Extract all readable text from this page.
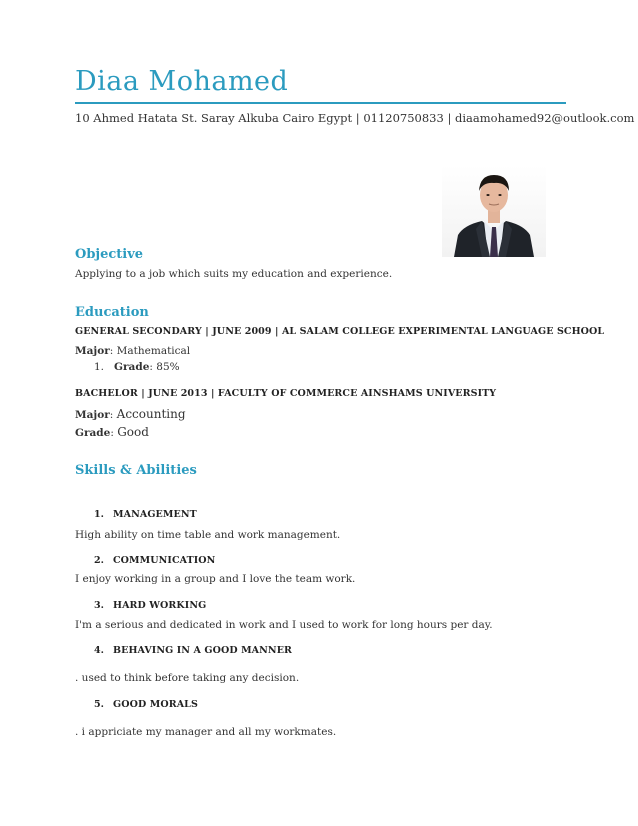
Diaa Mohamed
10 Ahmed Hatata St. Saray Alkuba Cairo Egypt | 01120750833 | diaamohamed92@outlook.com
Objective
Applying to a job which suits my education and experience.
Education
GENERAL SECONDARY | JUNE 2009 | AL SALAM COLLEGE EXPERIMENTAL LANGUAGE SCHOOL
Major: Mathematical
1. Grade: 85%
BACHELOR | JUNE 2013 | FACULTY OF COMMERCE AINSHAMS UNIVERSITY
Major: Accounting
Grade: Good
Skills & Abilities
1. MANAGEMENT
High ability on time table and work management.
2. COMMUNICATION
I enjoy working in a group and I love the team work.
3. HARD WORKING
I'm a serious and dedicated in work and I used to work for long hours per day.
4. BEHAVING IN A GOOD MANNER
. used to think before taking any decision.
5. GOOD MORALS
. i appriciate my manager and all my workmates.
